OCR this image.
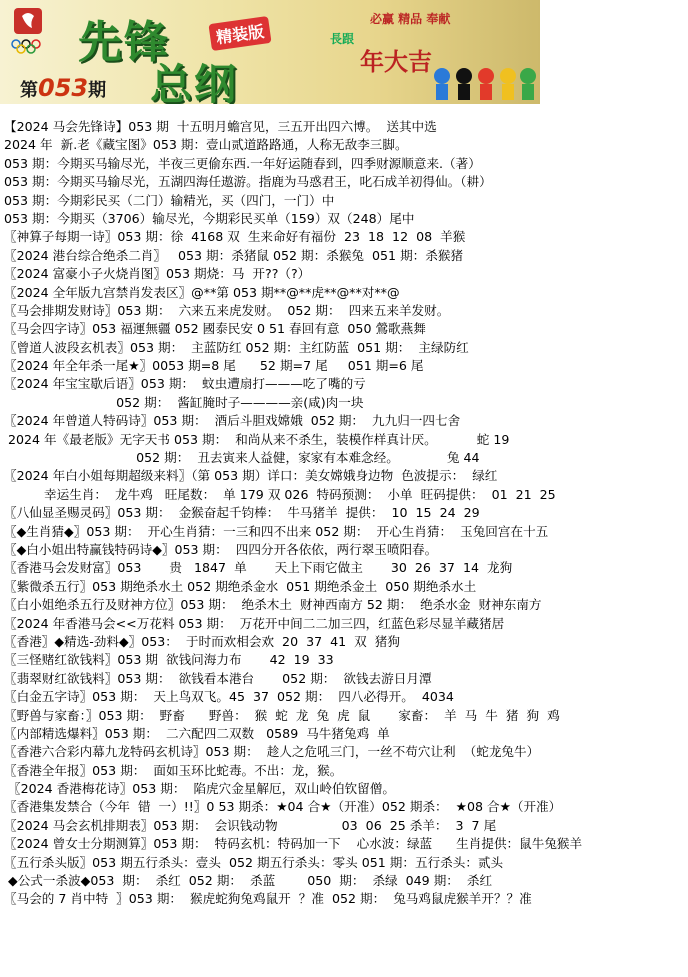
先锋
总纲
精装版
第053期
必赢 精品 奉献
長跟
年大吉
【2024 马会先锋诗】053 期  十五明月蟾宫见，三五开出四六博。  送其中选
2024 年  新.老《藏宝图》053 期：壹山贰道路路通，人称无敌李三脚。
053 期：今期买马输尽光，半夜三更偷东西.一年好运随春到，四季财源顺意来.（著）
053 期：今期买马输尽光，五湖四海任遨游。指鹿为马惑君王，叱石成羊初得仙。（耕）
053 期：今期彩民买（二门）输精光，买（四门，一门）中
053 期：今期买（3706）输尽光，今期彩民买单（159）双（248）尾中
〖神算子每期一诗〗053 期：徐  4168 双  生来命好有福份  23  18  12  08  羊猴
〖2024 港台综合绝杀二肖〗   053 期：杀猪鼠 052 期：杀猴兔  051 期：杀猴猪
〖2024 富豪小子火烧肖图〗053 期烧：马  开??（?）
〖2024 全年版九宫禁肖发表区〗@**第 053 期**@**虎**@**对**@
〖马会排期发财诗〗053 期：  六来五来虎发财。  052 期：  四来五来羊发财。
〖马会四字诗〗053 福運無疆 052 國泰民安 0 51 春回有意  050 鶯歌燕舞
〖曾道人波段玄机表〗053 期：  主蓝防红 052 期：主红防蓝  051 期：  主绿防红
〖2024 年全年杀一尾★〗0053 期=8 尾      52 期=7 尾     051 期=6 尾
〖2024 年宝宝歇后语〗053 期：  蚊虫遭扇打———吃了嘴的亏
052 期：  酱缸腌时子————亲(咸)肉一块
〖2024 年曾道人特码诗〗053 期：  酒后斗胆戏嫦娥  052 期：  九九归一四七舍
2024 年《最老版》无字天书 053 期：  和尚从来不杀生，装模作样真计厌。          蛇 19
052 期：  丑去寅来人益健，家家有本难念经。            兔 44
〖2024 年白小姐每期超级来料〗（第 053 期）详口：美女嫦娥身边物  色波提示：  绿红
幸运生肖：  龙牛鸡   旺尾数：  单 179 双 026  特码预测：  小单  旺码提供：  01  21  25
〖八仙显圣赐灵码〗053 期：  金猴奋起千钧棒：  牛马猪羊  提供：  10  15  24  29
〖◆生肖猜◆〗053 期：  开心生肖猜：一三和四不出来 052 期：  开心生肖猜：  玉兔回宫在十五
〖◆白小姐出特赢钱特码诗◆〗053 期：  四四分开各依依，两行翠玉喷阳春。
〖香港马会发财富〗053       贵   1847  单       天上下雨它做主       30  26  37  14  龙狗
〖紫微杀五行〗053 期绝杀水土 052 期绝杀金水  051 期绝杀金土  050 期绝杀水土
〖白小姐绝杀五行及财神方位〗053 期：  绝杀木土  财神西南方 52 期：  绝杀水金  财神东南方
〖2024 年香港马会<<万花料 053 期：  万花开中间二二加三四，红蓝色彩尽显羊藏猪居
〖香港〗◆精选-劲料◆〗053：  于时而欢相会欢  20  37  41  双  猪狗
〖三怪赌红欲钱料〗053 期  欲钱问海力布       42  19  33
〖翡翠财红欲钱料〗053 期：  欲钱看本港台       052 期：  欲钱去游日月潭
〖白金五字诗〗053 期：  天上鸟双飞。45  37  052 期：  四八必得开。  4034
〖野兽与家畜：〗053 期：  野畜      野兽：  猴  蛇  龙  兔  虎  鼠       家畜：  羊  马  牛  猪  狗  鸡
〖内部精选爆料〗053 期：  二六配四二双数   0589  马牛猪兔鸡  单
〖香港六合彩内幕九龙特码玄机诗〗053 期：  趁人之危吼三门，一丝不苟穴让利  （蛇龙兔牛）
〖香港全年报〗053 期：  面如玉环比蛇毒。不出：龙，猴。
〖2024 香港梅花诗〗053 期：  陷虎穴金星解厄，双山岭伯钦留僧。
〖香港集发禁合（今年  错  一）!!〗0 53 期杀：★04 合★（开准）052 期杀：  ★08 合★（开准）
〖2024 马会玄机排期表〗053 期：  会识钱动物                03  06  25 杀羊：  3  7 尾
〖2024 曾女士分期测算〗053 期：  特码玄机：特码加一下    心水波：绿蓝      生肖提供：鼠牛兔猴羊
〖五行杀头版〗053 期五行杀头：壹头  052 期五行杀头：零头 051 期：五行杀头：贰头
◆公式一杀波◆053  期：  杀红  052 期：  杀蓝        050  期：  杀绿  049 期：  杀红
〖马会的 7 肖中特  〗053 期：  猴虎蛇狗兔鸡鼠开  ？准  052 期：  兔马鸡鼠虎猴羊开？？准
